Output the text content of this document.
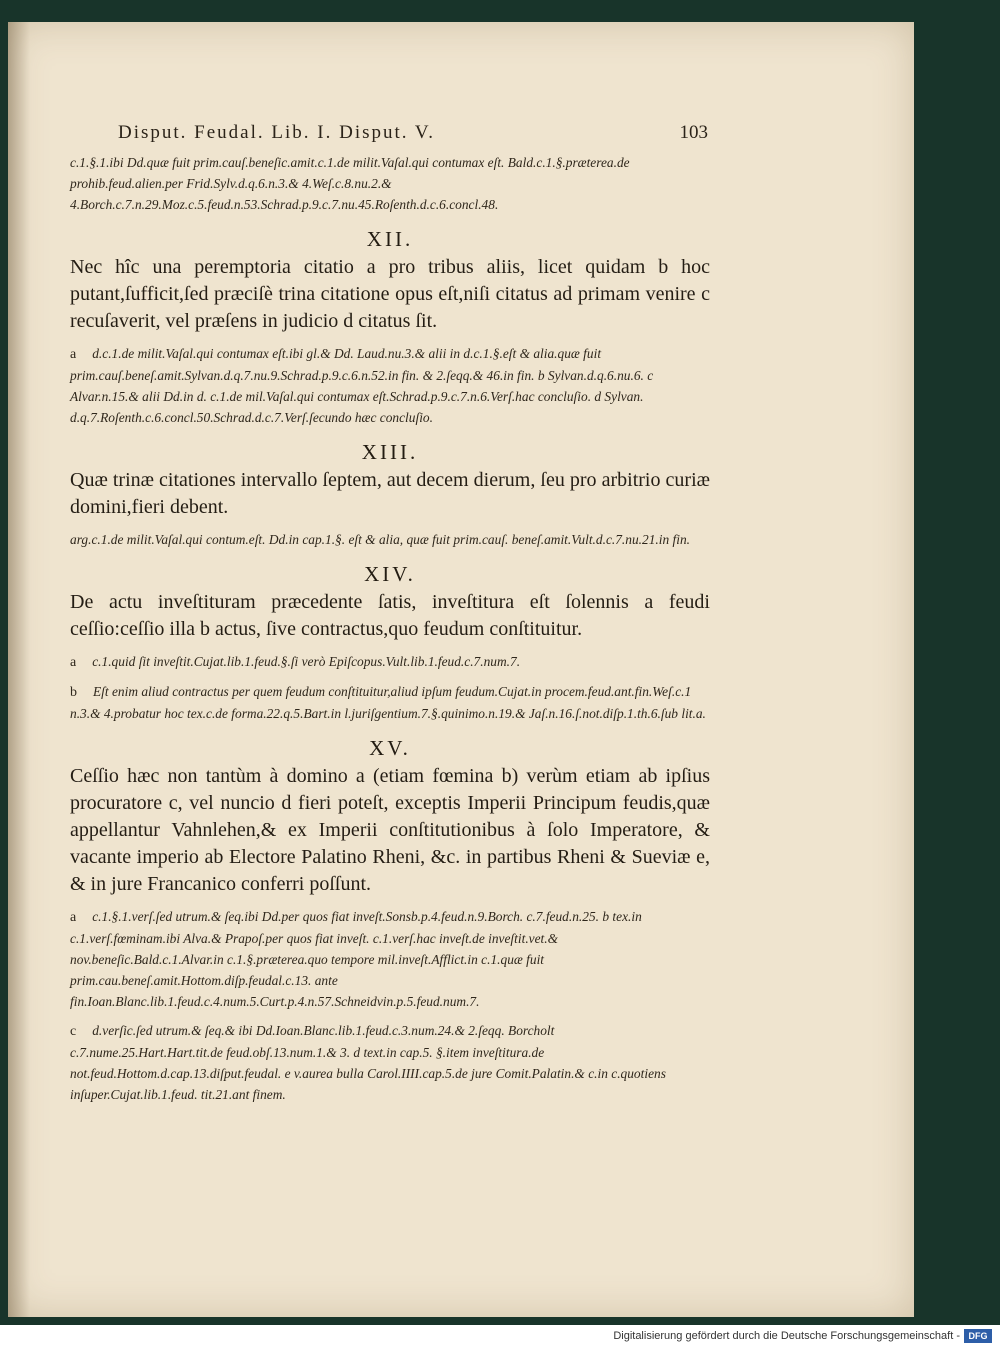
Disput. Feudal. Lib. I. Disput. V.	103

c.1.§.1.ibi Dd.quæ fuit prim.cauſ.beneſic.amit.c.1.de milit.Vaſal.qui contumax eſt. Bald.c.1.§.præterea.de prohib.feud.alien.per Frid.Sylv.d.q.6.n.3.& 4.Weſ.c.8.nu.2.& 4.Borch.c.7.n.29.Moz.c.5.feud.n.53.Schrad.p.9.c.7.nu.45.Roſenth.d.c.6.concl.48.

XII.

Nec hîc una peremptoria citatio a pro tribus aliis, licet quidam b hoc putant,ſufficit,ſed præciſè trina citatione opus eſt,niſi citatus ad primam venire c recuſaverit, vel præſens in judicio d citatus ſit.

a d.c.1.de milit.Vaſal.qui contumax eſt.ibi gl.& Dd. Laud.nu.3.& alii in d.c.1.§.eſt & alia.quæ fuit prim.cauſ.beneſ.amit.Sylvan.d.q.7.nu.9.Schrad.p.9.c.6.n.52.in fin. & 2.ſeqq.& 46.in fin. b Sylvan.d.q.6.nu.6. c Alvar.n.15.& alii Dd.in d. c.1.de mil.Vaſal.qui contumax eſt.Schrad.p.9.c.7.n.6.Verſ.hac concluſio. d Sylvan. d.q.7.Roſenth.c.6.concl.50.Schrad.d.c.7.Verſ.ſecundo hæc concluſio.

XIII.

Quæ trinæ citationes intervallo ſeptem, aut decem dierum, ſeu pro arbitrio curiæ domini,fieri debent.

arg.c.1.de milit.Vaſal.qui contum.eſt. Dd.in cap.1.§. eſt & alia, quæ fuit prim.cauſ. beneſ.amit.Vult.d.c.7.nu.21.in fin.

XIV.

De actu inveſtituram præcedente ſatis, inveſtitura eſt ſolennis a feudi ceſſio:ceſſio illa b actus, ſive contractus,quo feudum conſtituitur.

a c.1.quid ſit inveſtit.Cujat.lib.1.feud.§.ſi verò Epiſcopus.Vult.lib.1.feud.c.7.num.7.

b Eſt enim aliud contractus per quem feudum conſtituitur,aliud ipſum feudum.Cujat.in procem.feud.ant.fin.Weſ.c.1 n.3.& 4.probatur hoc tex.c.de forma.22.q.5.Bart.in l.juriſgentium.7.§.quinimo.n.19.& Jaſ.n.16.ſ.not.diſp.1.th.6.ſub lit.a.

XV.

Ceſſio hæc non tantùm à domino a (etiam fœmina b) verùm etiam ab ipſius procuratore c, vel nuncio d fieri poteſt, exceptis Imperii Principum feudis,quæ appellantur Vahnlehen,& ex Imperii conſtitutionibus à ſolo Imperatore, & vacante imperio ab Electore Palatino Rheni, &c. in partibus Rheni & Sueviæ e, & in jure Francanico conferri poſſunt.

a c.1.§.1.verſ.ſed utrum.& ſeq.ibi Dd.per quos fiat inveſt.Sonsb.p.4.feud.n.9.Borch. c.7.feud.n.25. b tex.in c.1.verſ.fœminam.ibi Alva.& Prapoſ.per quos fiat inveſt. c.1.verſ.hac inveſt.de inveſtit.vet.& nov.beneſic.Bald.c.1.Alvar.in c.1.§.præterea.quo tempore mil.inveſt.Afflict.in c.1.quæ fuit prim.cau.beneſ.amit.Hottom.diſp.feudal.c.13. ante fin.Ioan.Blanc.lib.1.feud.c.4.num.5.Curt.p.4.n.57.Schneidvin.p.5.feud.num.7.

c d.verſic.ſed utrum.& ſeq.& ibi Dd.Ioan.Blanc.lib.1.feud.c.3.num.24.& 2.ſeqq. Borcholt c.7.nume.25.Hart.Hart.tit.de feud.obſ.13.num.1.& 3. d text.in cap.5. §.item inveſtitura.de not.feud.Hottom.d.cap.13.diſput.feudal. e v.aurea bulla Carol.IIII.cap.5.de jure Comit.Palatin.& c.in c.quotiens inſuper.Cujat.lib.1.feud. tit.21.ant finem.

Digitalisierung gefördert durch die Deutsche Forschungsgemeinschaft - DFG
